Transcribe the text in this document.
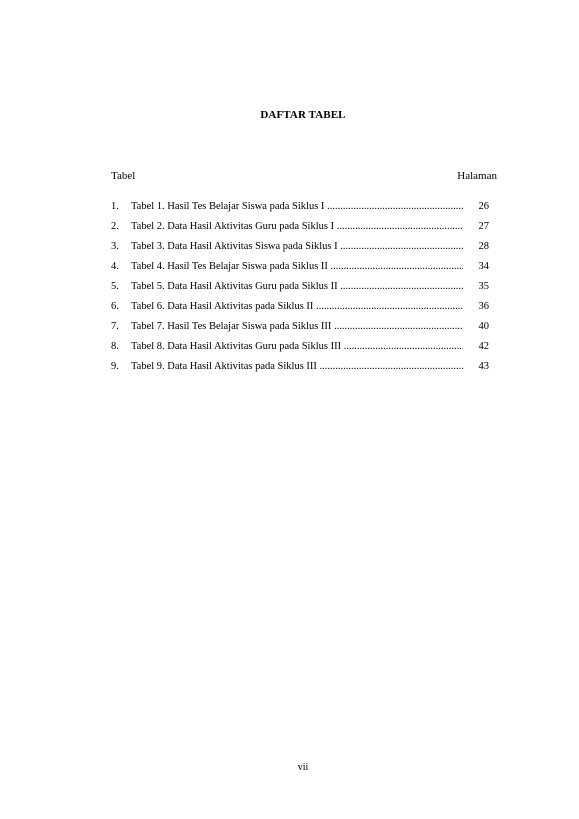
DAFTAR TABEL
Tabel	Halaman
1.	Tabel 1. Hasil Tes Belajar Siswa pada Siklus I .....	26
2.	Tabel 2. Data Hasil Aktivitas Guru pada Siklus I .....	27
3.	Tabel 3. Data Hasil Aktivitas Siswa pada Siklus I .....	28
4.	Tabel 4. Hasil Tes Belajar Siswa pada Siklus II .....	34
5.	Tabel 5. Data Hasil Aktivitas Guru pada Siklus II .....	35
6.	Tabel 6. Data Hasil Aktivitas pada Siklus II .....	36
7.	Tabel 7. Hasil Tes Belajar Siswa pada Siklus III .....	40
8.	Tabel 8. Data Hasil Aktivitas Guru pada Siklus III .....	42
9.	Tabel 9. Data Hasil Aktivitas pada Siklus III .....	43
vii
